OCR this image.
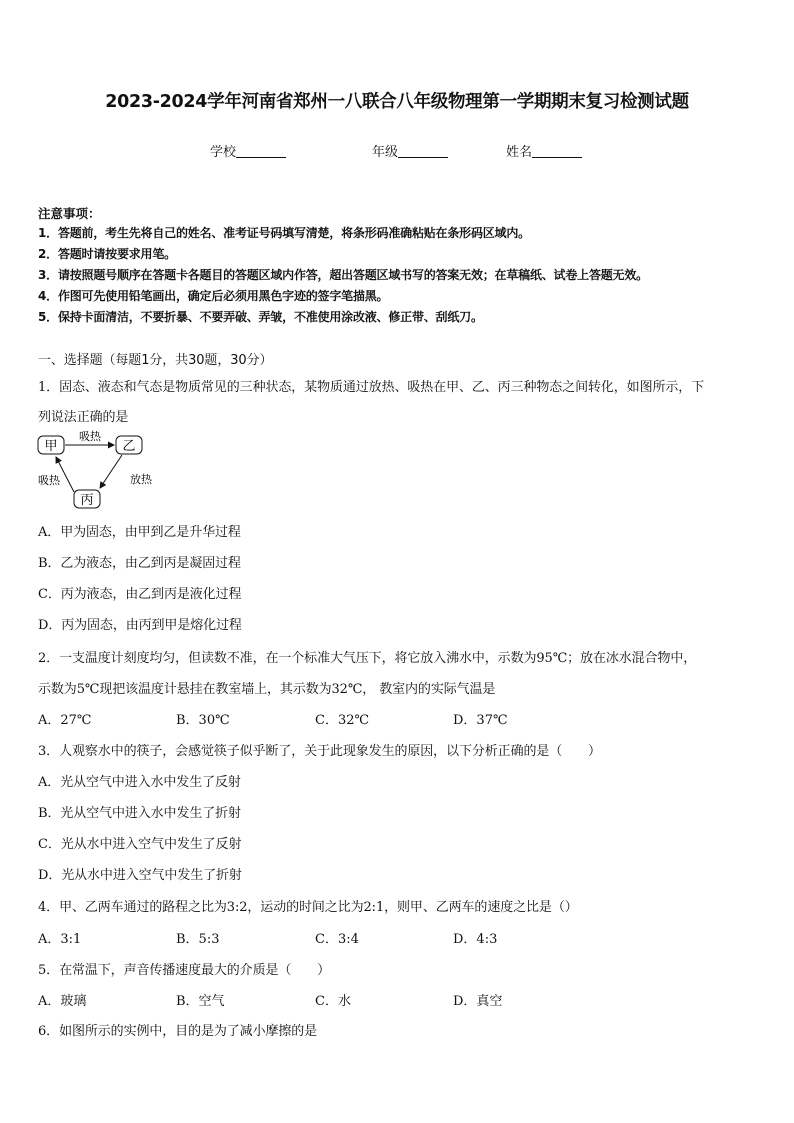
2023-2024学年河南省郑州一八联合八年级物理第一学期期末复习检测试题
学校	年级	姓名
注意事项：
1．答题前，考生先将自己的姓名、准考证号码填写清楚，将条形码准确粘贴在条形码区域内。
2．答题时请按要求用笔。
3．请按照题号顺序在答题卡各题目的答题区域内作答，超出答题区域书写的答案无效；在草稿纸、试卷上答题无效。
4．作图可先使用铅笔画出，确定后必须用黑色字迹的签字笔描黑。
5．保持卡面清洁，不要折暴、不要弄破、弄皱，不准使用涂改液、修正带、刮纸刀。
一、选择题（每题1分，共30题，30分）
1．固态、液态和气态是物质常见的三种状态，某物质通过放热、吸热在甲、乙、丙三种物态之间转化，如图所示，下
列说法正确的是
甲	乙
丙
吸热
放热
吸热
A．甲为固态，由甲到乙是升华过程
B．乙为液态，由乙到丙是凝固过程
C．丙为液态，由乙到丙是液化过程
D．丙为固态，由丙到甲是熔化过程
2．一支温度计刻度均匀，但读数不准，在一个标准大气压下，将它放入沸水中，示数为95℃；放在冰水混合物中，
示数为5℃现把该温度计悬挂在教室墙上，其示数为32℃， 教室内的实际气温是
A．27℃	B．30℃	C．32℃	D．37℃
3．人观察水中的筷子，会感觉筷子似乎断了，关于此现象发生的原因，以下分析正确的是（　　）
A．光从空气中进入水中发生了反射
B．光从空气中进入水中发生了折射
C．光从水中进入空气中发生了反射
D．光从水中进入空气中发生了折射
4．甲、乙两车通过的路程之比为3:2，运动的时间之比为2:1，则甲、乙两车的速度之比是（）
A．3:1	B．5:3	C．3:4	D．4:3
5．在常温下，声音传播速度最大的介质是（　　）
A．玻璃	B．空气	C．水	D．真空
6．如图所示的实例中，目的是为了减小摩擦的是
